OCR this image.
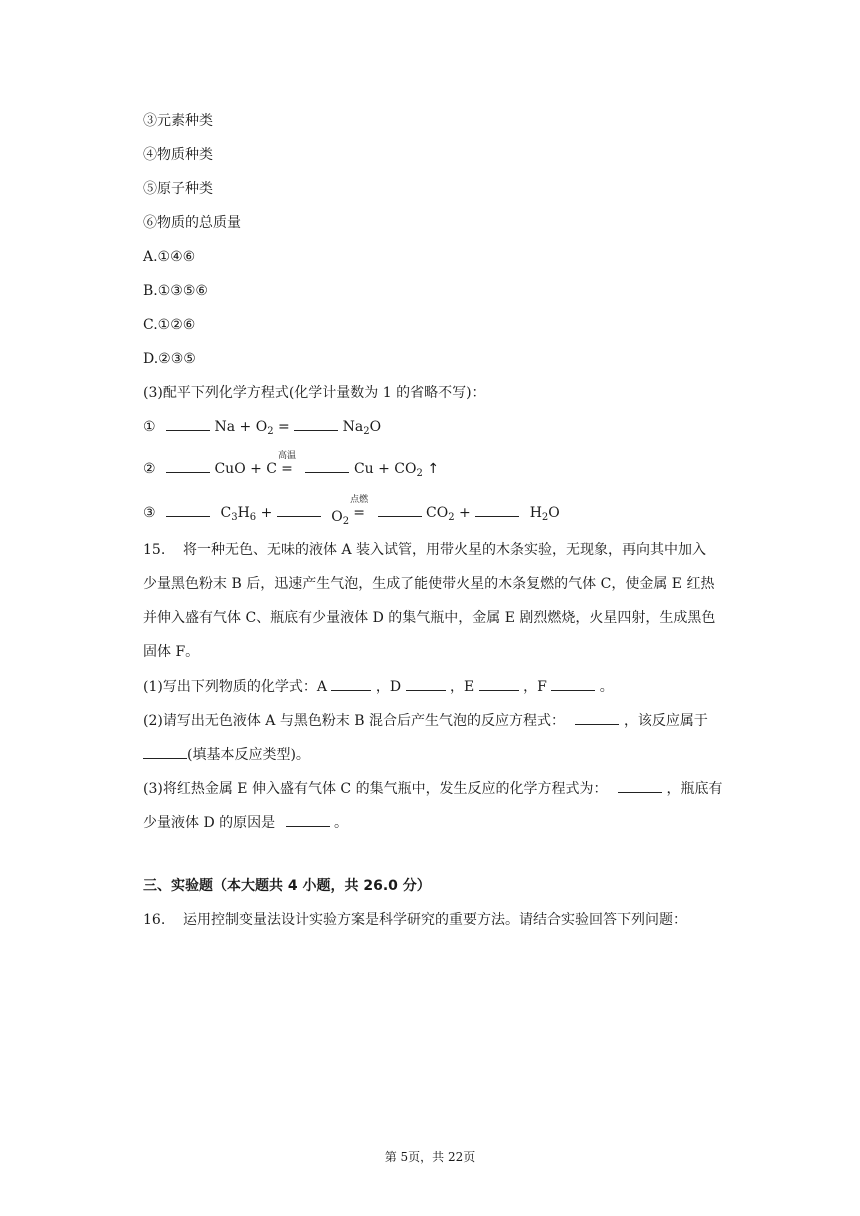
③元素种类
④物质种类
⑤原子种类
⑥物质的总质量
A.①④⑥
B.①③⑤⑥
C.①②⑥
D.②③⑤
(3)配平下列化学方程式(化学计量数为 1 的省略不写)：
①	$Na + O_2$ =	$Na_2O$
②	CuO + C =
高温
$Cu + CO_2$ ↑
③	$C_3H_6$ +	$O_2=$
点燃
$CO_2$ +	$H_2O$
15. 将一种无色、无味的液体 A 装入试管，用带火星的木条实验，无现象，再向其中加入
少量黑色粉末 B 后，迅速产生气泡，生成了能使带火星的木条复燃的气体 C，使金属 E 红热
并伸入盛有气体 C、瓶底有少量液体 D 的集气瓶中，金属 E 剧烈燃烧，火星四射，生成黑色
固体 F。
(1)写出下列物质的化学式：A	，D	，E	，F	。
(2)请写出无色液体 A 与黑色粉末 B 混合后产生气泡的反应方程式：	，该反应属于
(填基本反应类型)。
(3)将红热金属 E 伸入盛有气体 C 的集气瓶中，发生反应的化学方程式为：	，瓶底有
少量液体 D 的原因是	。
三、实验题（本大题共 4 小题，共 26.0 分）
16. 运用控制变量法设计实验方案是科学研究的重要方法。请结合实验回答下列问题：
第 5页，共 22页
